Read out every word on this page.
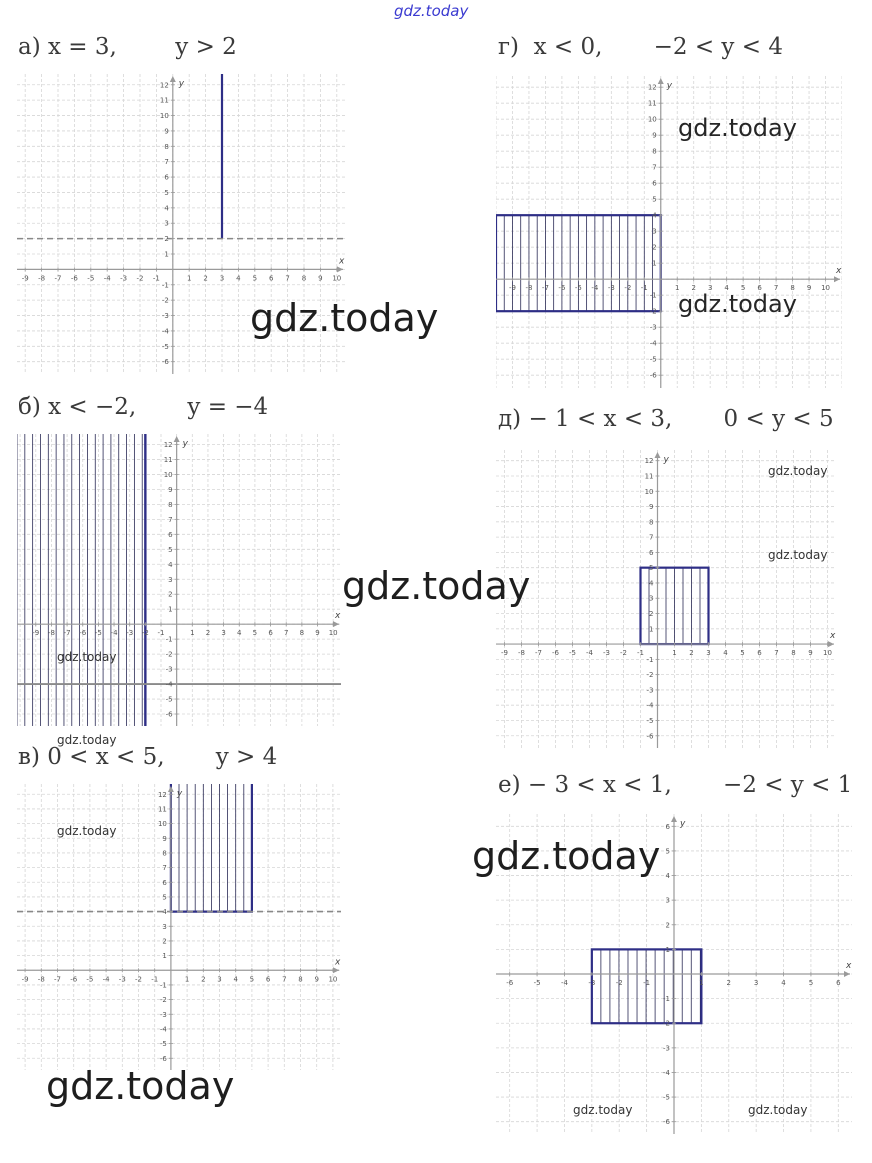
gdz.today
а) x = 3,        y > 2	г)  x < 0,       −2 < y < 4
б) x < −2,       y = −4	д) − 1 < x < 3,       0 < y < 5
в) 0 < x < 5,       y > 4
е) − 3 < x < 1,       −2 < y < 1
x
y
-9 -8 -7 -6 -5 -4 -3 -2 -1	1 2 3 4 5 6 7 8 9 10
12
11
10
9
8
7
6
5
4
3
2
1
-1
-2
-3
-4
-5
-6
x
y
-9 -8 -7 -6 -5 -4 -3 -2 -1	1 2 3 4 5 6 7 8 9 10
12
11
10
9
8
7
6
5
4
3
2
1
-1
-2
-3
-4
-5
-6
x
y
-9 -8 -7 -6 -5 -4 -3 -2 -1	1 2 3 4 5 6 7 8 9 10
12
11
10
9
8
7
6
5
4
3
2
1
-1
-2
-3
-4
-5
-6
x
y
-9 -8 -7 -6 -5 -4 -3 -2 -1	1 2 3 4 5 6 7 8 9 10
12
11
10
9
8
7
6
5
4
3
2
1
-1
-2
-3
-4
-5
-6
x
y
-9 -8 -7 -6 -5 -4 -3 -2 -1	1 2 3 4 5 6 7 8 9 10
12
11
10
9
8
7
6
5
4
3
2
1
-1
-2
-3
-4
-5
-6
x
y
-6	-5	-4	-3	-2	-1	1	2	3	4	5	6
6
5
4
3
2
1
-1
-2
-3
-4
-5
-6
gdz.today
gdz.today
gdz.today
gdz.today
gdz.today
gdz.today
gdz.today
gdz.today
gdz.today
gdz.today
gdz.today
gdz.today	gdz.today
